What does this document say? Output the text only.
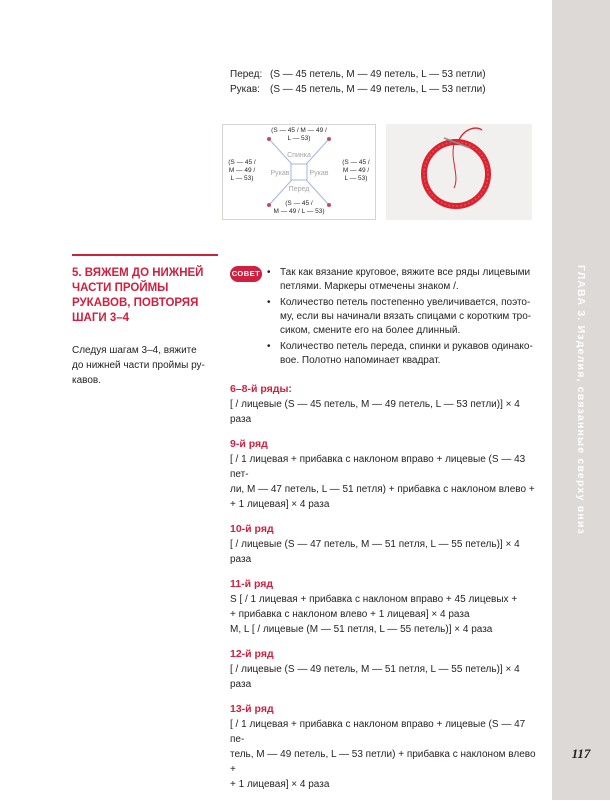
ГЛАВА 3. Изделия, связанные сверху вниз
117
Перед: (S — 45 петель, M — 49 петель, L — 53 петли)
Рукав: (S — 45 петель, M — 49 петель, L — 53 петли)
Спинка
Перед
Рукав	Рукав
(S — 45 / M — 49 /
L — 53)
(S — 45 /
M — 49 /
L — 53)
(S — 45 /
M — 49 /
L — 53)
(S — 45 /
M — 49 / L — 53)
5. ВЯЖЕМ ДО НИЖНЕЙ
ЧАСТИ ПРОЙМЫ
РУКАВОВ, ПОВТОРЯЯ
ШАГИ 3–4

Следуя шагам 3–4, вяжите
до нижней части проймы ру-
кавов.

СОВЕТ • Так как вязание круговое, вяжите все ряды лицевыми
петлями. Маркеры отмечены знаком /.
• Количество петель постепенно увеличивается, поэто-
му, если вы начинали вязать спицами с коротким тро-
сиком, смените его на более длинный.
• Количество петель переда, спинки и рукавов одинако-
вое. Полотно напоминает квадрат.
6–8-й ряды:

[ / лицевые (S — 45 петель, M — 49 петель, L — 53 петли)] × 4 раза

9-й ряд

[ / 1 лицевая + прибавка с наклоном вправо + лицевые (S — 43 пет-

ли, M — 47 петель, L — 51 петля) + прибавка с наклоном влево +

+ 1 лицевая] × 4 раза

10-й ряд

[ / лицевые (S — 47 петель, M — 51 петля, L — 55 петель)] × 4 раза

11-й ряд

S [ / 1 лицевая + прибавка с наклоном вправо + 45 лицевых +

+ прибавка с наклоном влево + 1 лицевая] × 4 раза

M, L [ / лицевые (M — 51 петля, L — 55 петель)] × 4 раза

12-й ряд

[ / лицевые (S — 49 петель, M — 51 петля, L — 55 петель)] × 4 раза

13-й ряд

[ / 1 лицевая + прибавка с наклоном вправо + лицевые (S — 47 пе-

тель, M — 49 петель, L — 53 петли) + прибавка с наклоном влево +

+ 1 лицевая] × 4 раза
